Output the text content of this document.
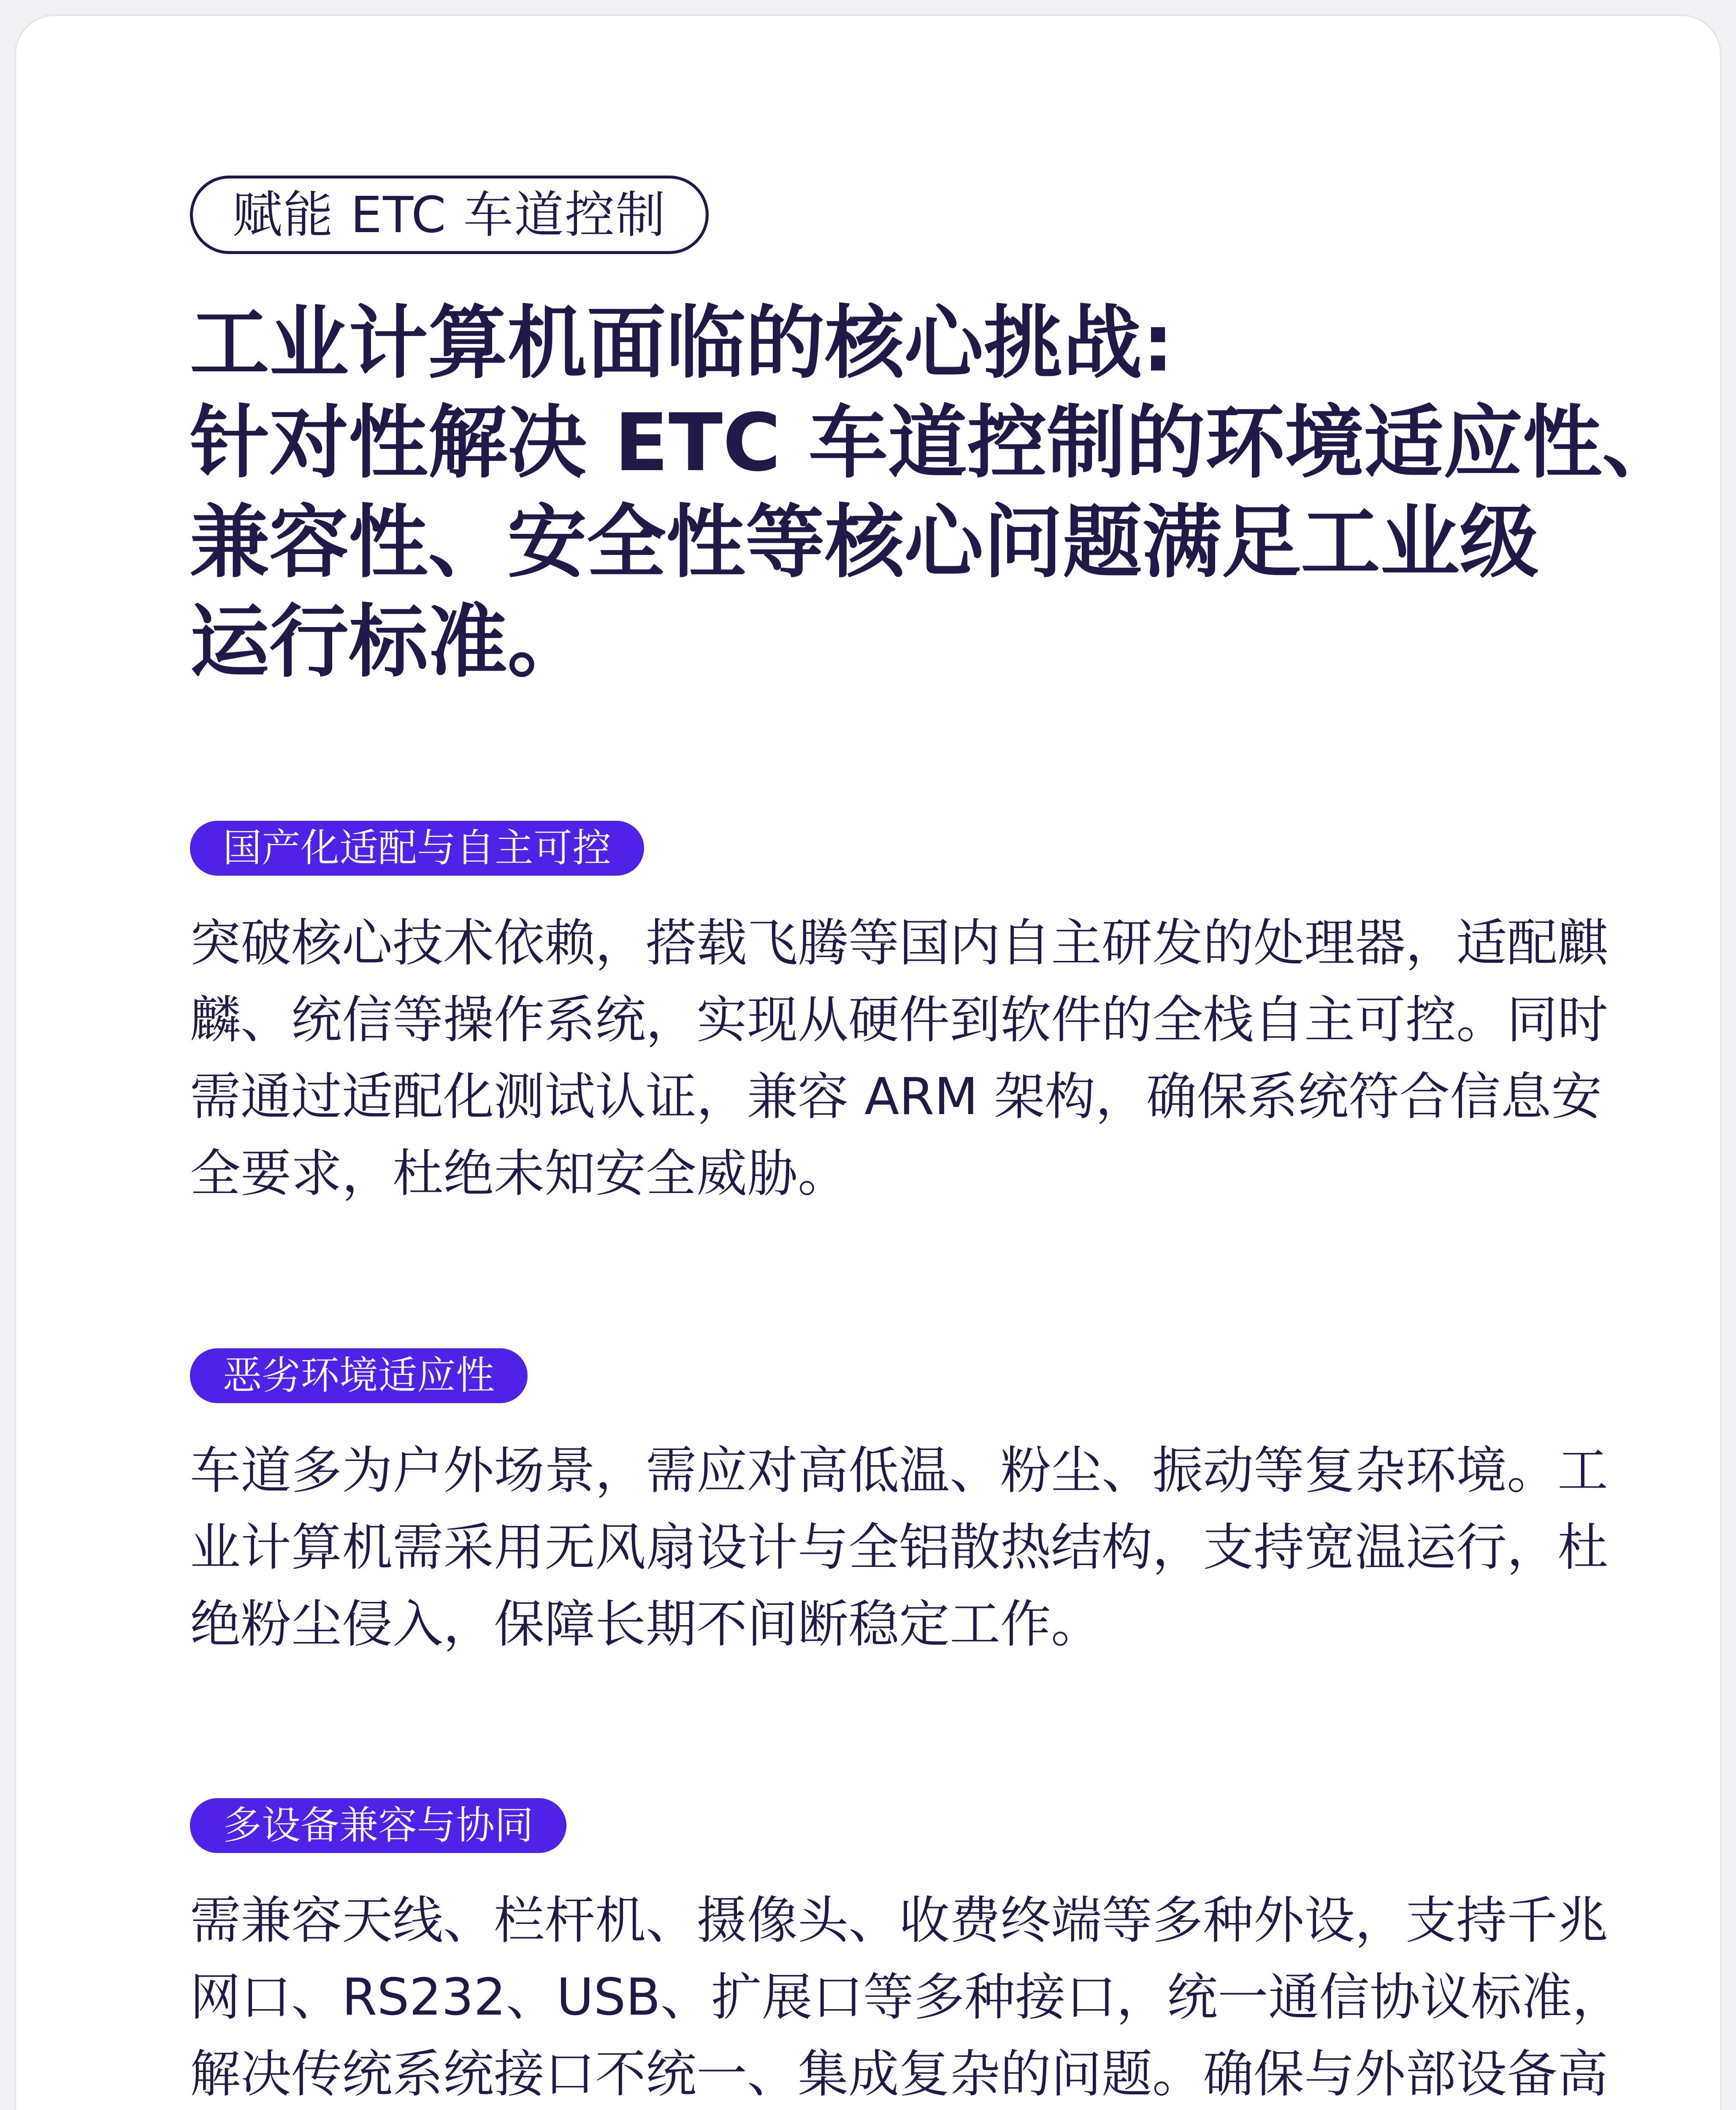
赋能 ETC 车道控制
工业计算机面临的核心挑战:
针对性解决 ETC 车道控制的环境适应性、
兼容性、安全性等核心问题满足工业级
运行标准。
国产化适配与自主可控

突破核心技术依赖，搭载飞腾等国内自主研发的处理器，适配麒
麟、统信等操作系统，实现从硬件到软件的全栈自主可控。同时
需通过适配化测试认证，兼容 ARM 架构，确保系统符合信息安
全要求，杜绝未知安全威胁。

恶劣环境适应性

车道多为户外场景，需应对高低温、粉尘、振动等复杂环境。工
业计算机需采用无风扇设计与全铝散热结构，支持宽温运行，杜
绝粉尘侵入，保障长期不间断稳定工作。

多设备兼容与协同

需兼容天线、栏杆机、摄像头、收费终端等多种外设，支持千兆
网口、RS232、USB、扩展口等多种接口，统一通信协议标准，
解决传统系统接口不统一、集成复杂的问题。确保与外部设备高
